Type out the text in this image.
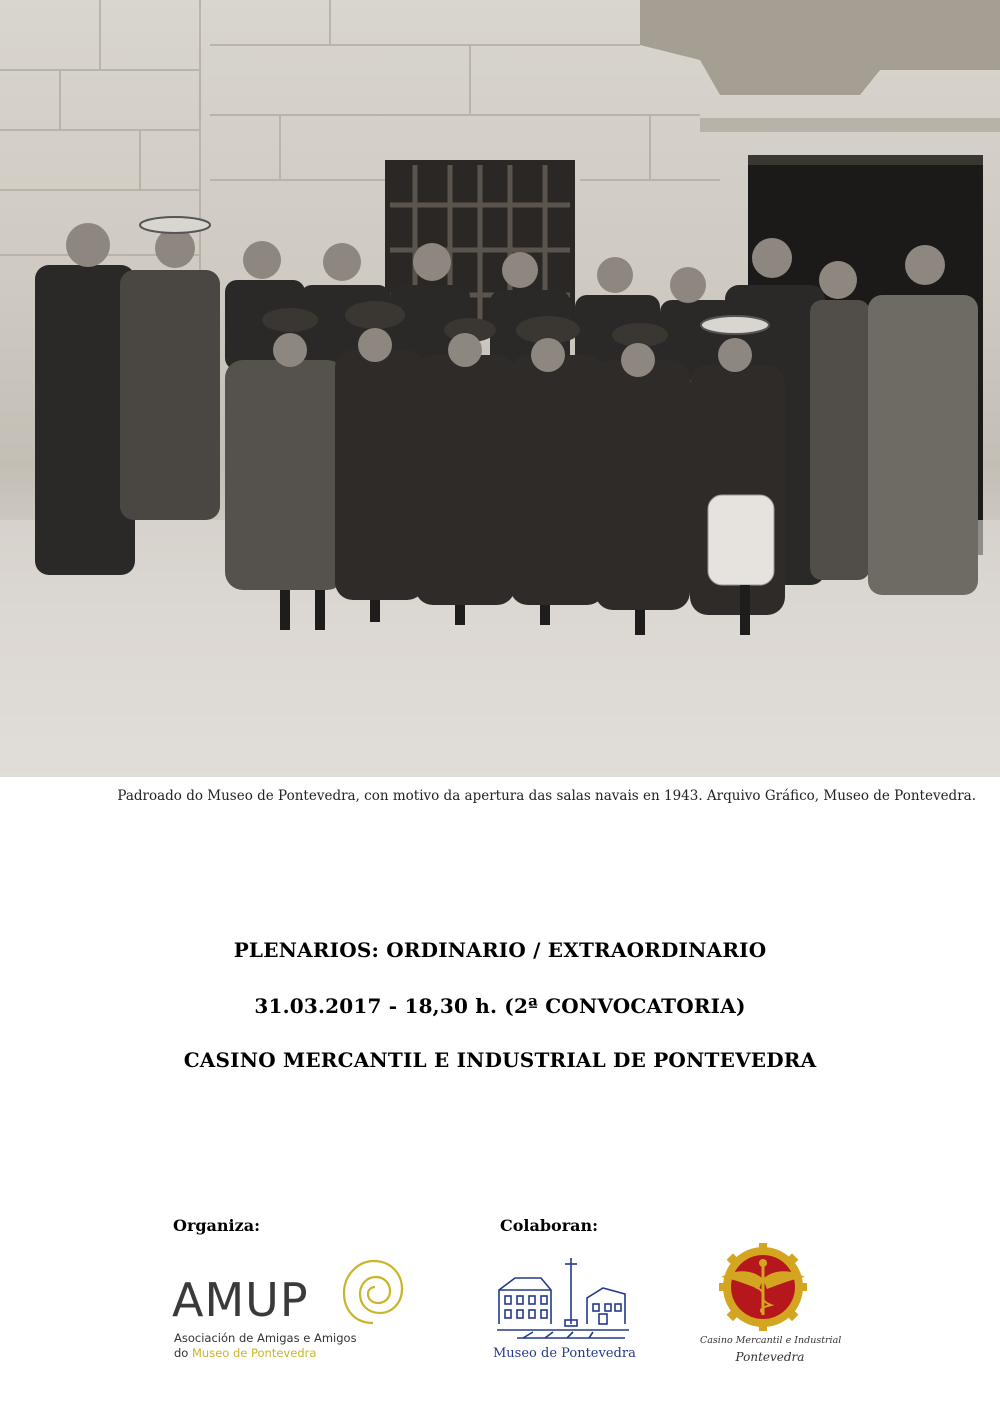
Padroado do Museo de Pontevedra, con motivo da apertura das salas navais en 1943. Arquivo Gráfico, Museo de Pontevedra.
PLENARIOS: ORDINARIO / EXTRAORDINARIO
31.03.2017 - 18,30 h. (2ª CONVOCATORIA)
CASINO MERCANTIL E INDUSTRIAL DE PONTEVEDRA
Organiza:	Colaboran:
AMUP
Asociación de Amigas e Amigos
do Museo de Pontevedra	Museo de Pontevedra
Casino Mercantil e Industrial
Pontevedra
